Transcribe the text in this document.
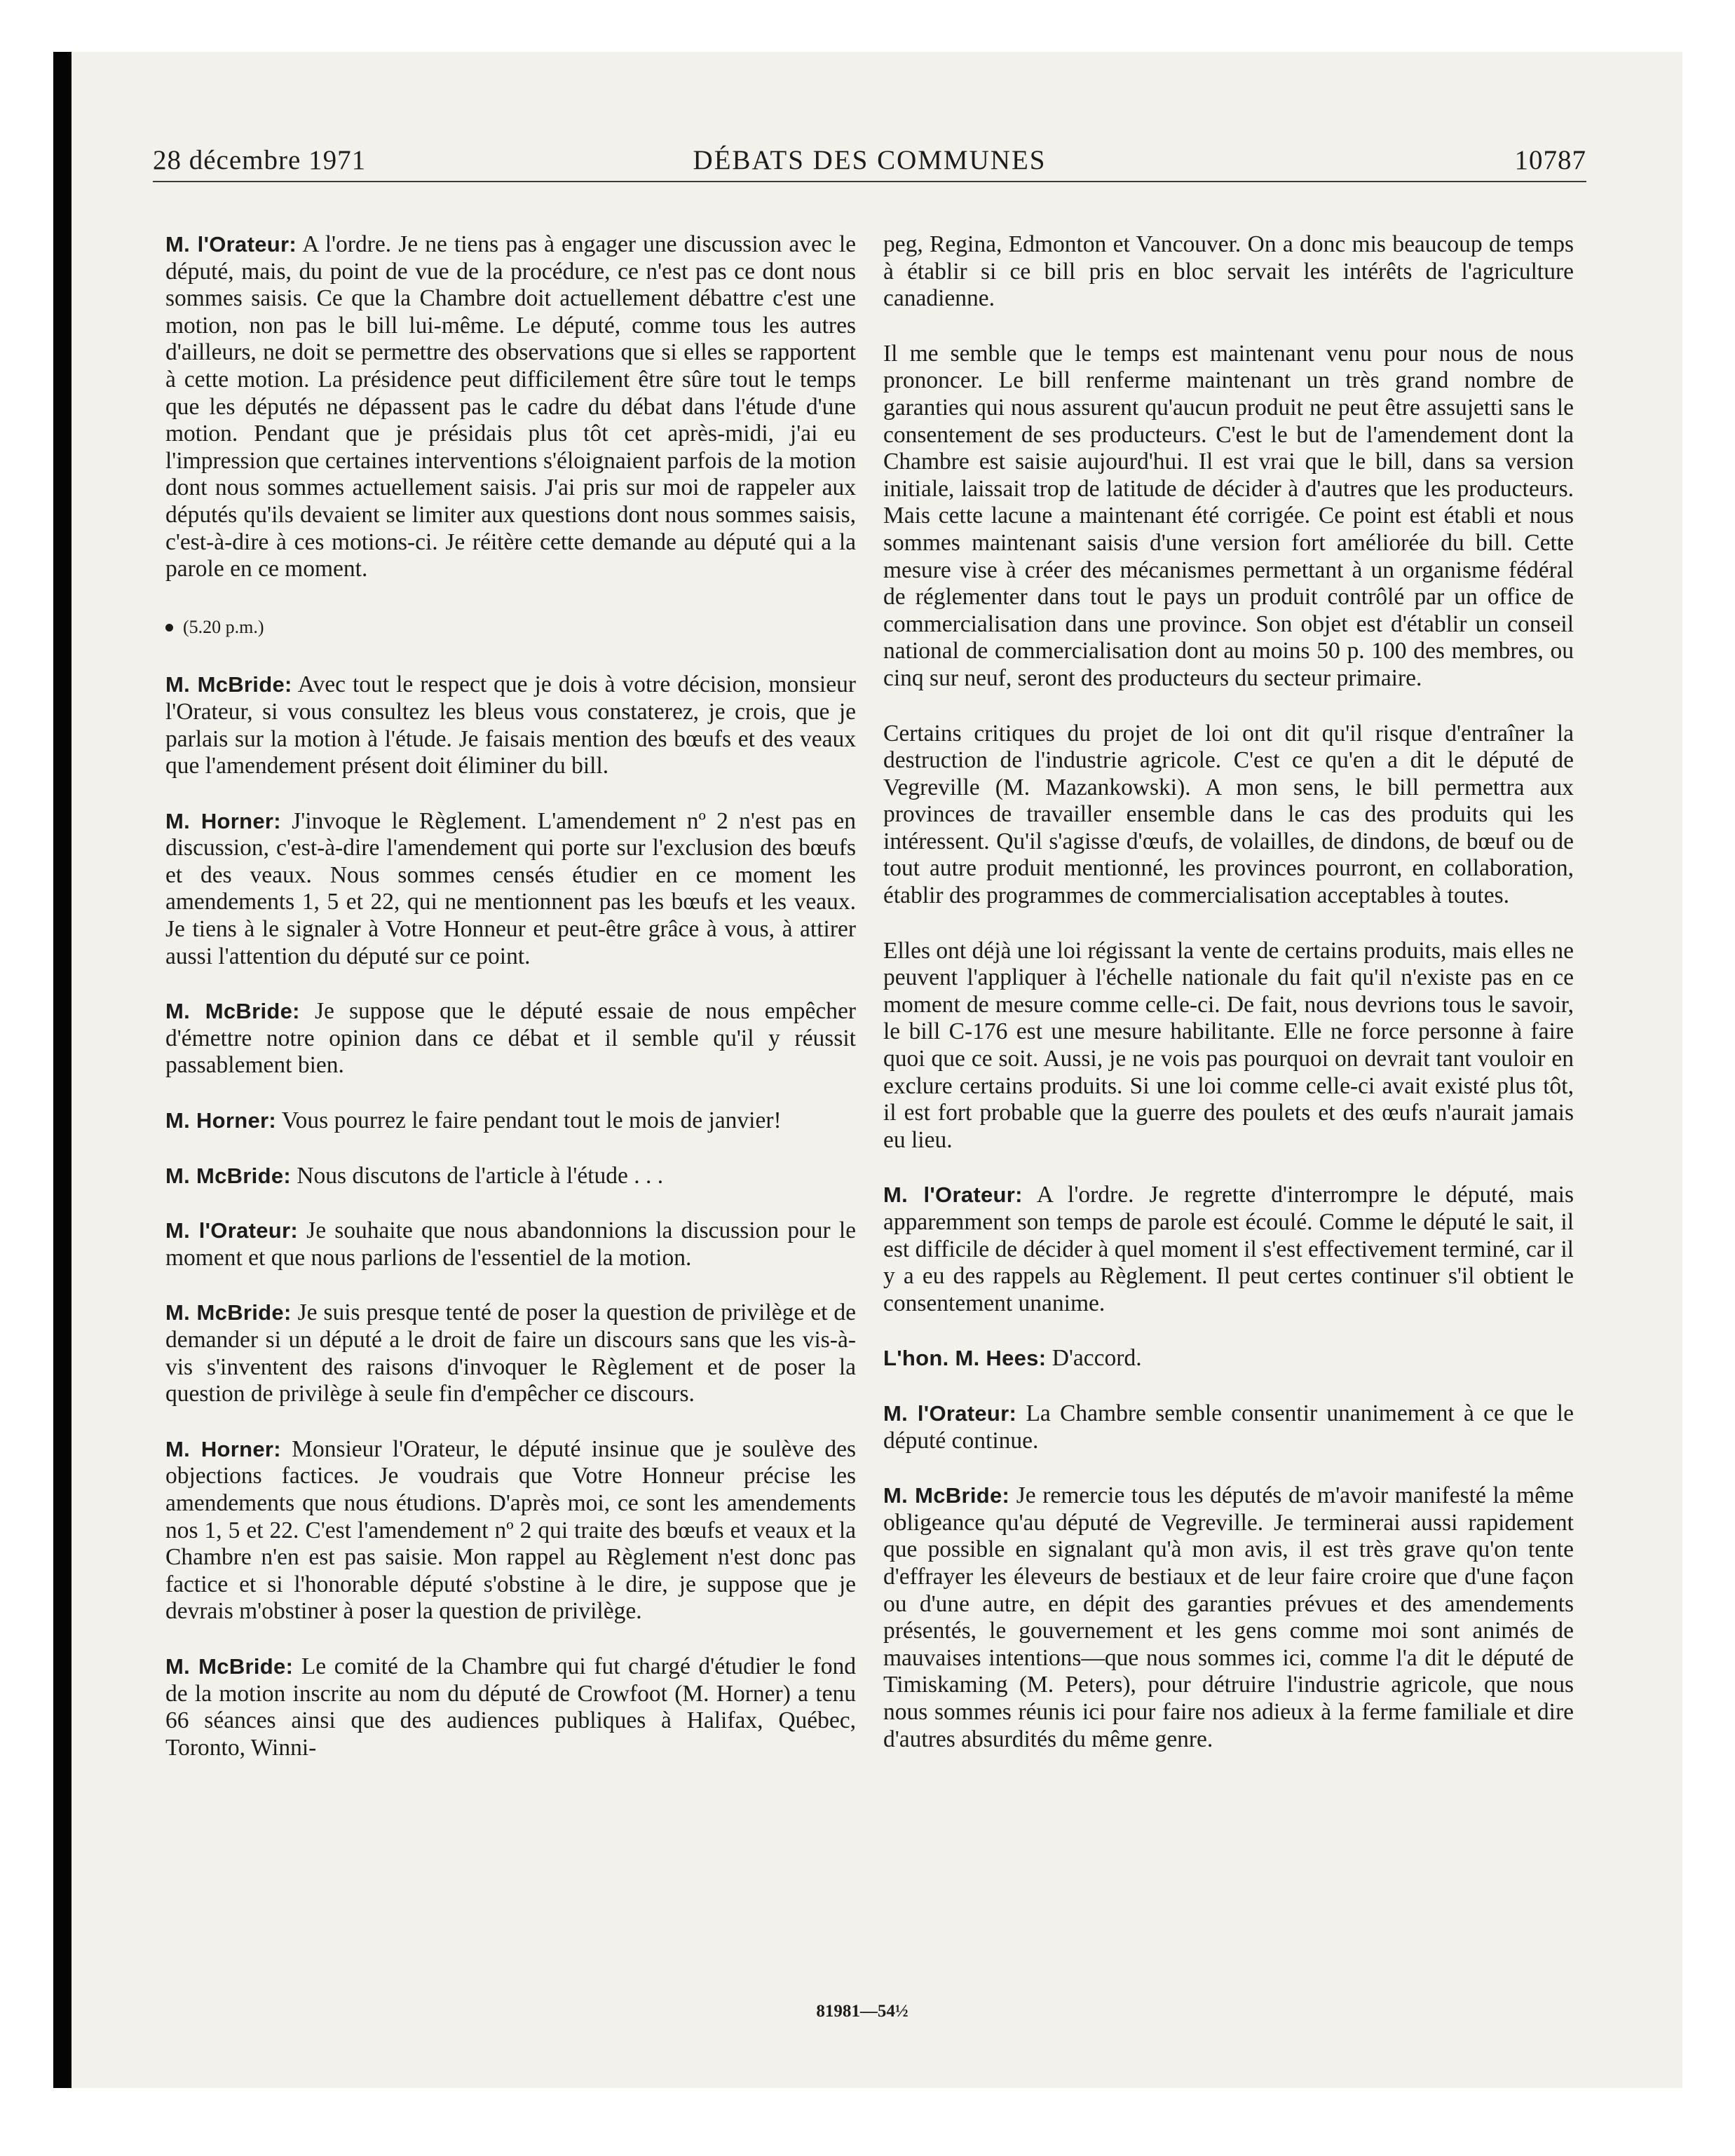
28 décembre 1971	DÉBATS DES COMMUNES	10787

M. l'Orateur: A l'ordre. Je ne tiens pas à engager une discussion avec le député, mais, du point de vue de la procédure, ce n'est pas ce dont nous sommes saisis. Ce que la Chambre doit actuellement débattre c'est une motion, non pas le bill lui-même. Le député, comme tous les autres d'ailleurs, ne doit se permettre des observations que si elles se rapportent à cette motion. La présidence peut difficilement être sûre tout le temps que les députés ne dépassent pas le cadre du débat dans l'étude d'une motion. Pendant que je présidais plus tôt cet après-midi, j'ai eu l'impression que certaines interventions s'éloignaient parfois de la motion dont nous sommes actuellement saisis. J'ai pris sur moi de rappeler aux députés qu'ils devaient se limiter aux questions dont nous sommes saisis, c'est-à-dire à ces motions-ci. Je réitère cette demande au député qui a la parole en ce moment.

(5.20 p.m.)

M. McBride: Avec tout le respect que je dois à votre décision, monsieur l'Orateur, si vous consultez les bleus vous constaterez, je crois, que je parlais sur la motion à l'étude. Je faisais mention des bœufs et des veaux que l'amendement présent doit éliminer du bill.

M. Horner: J'invoque le Règlement. L'amendement nº 2 n'est pas en discussion, c'est-à-dire l'amendement qui porte sur l'exclusion des bœufs et des veaux. Nous sommes censés étudier en ce moment les amendements 1, 5 et 22, qui ne mentionnent pas les bœufs et les veaux. Je tiens à le signaler à Votre Honneur et peut-être grâce à vous, à attirer aussi l'attention du député sur ce point.

M. McBride: Je suppose que le député essaie de nous empêcher d'émettre notre opinion dans ce débat et il semble qu'il y réussit passablement bien.

M. Horner: Vous pourrez le faire pendant tout le mois de janvier!

M. McBride: Nous discutons de l'article à l'étude . . .

M. l'Orateur: Je souhaite que nous abandonnions la discussion pour le moment et que nous parlions de l'essentiel de la motion.

M. McBride: Je suis presque tenté de poser la question de privilège et de demander si un député a le droit de faire un discours sans que les vis-à-vis s'inventent des raisons d'invoquer le Règlement et de poser la question de privilège à seule fin d'empêcher ce discours.

M. Horner: Monsieur l'Orateur, le député insinue que je soulève des objections factices. Je voudrais que Votre Honneur précise les amendements que nous étudions. D'après moi, ce sont les amendements nos 1, 5 et 22. C'est l'amendement nº 2 qui traite des bœufs et veaux et la Chambre n'en est pas saisie. Mon rappel au Règlement n'est donc pas factice et si l'honorable député s'obstine à le dire, je suppose que je devrais m'obstiner à poser la question de privilège.

M. McBride: Le comité de la Chambre qui fut chargé d'étudier le fond de la motion inscrite au nom du député de Crowfoot (M. Horner) a tenu 66 séances ainsi que des audiences publiques à Halifax, Québec, Toronto, Winni-

peg, Regina, Edmonton et Vancouver. On a donc mis beaucoup de temps à établir si ce bill pris en bloc servait les intérêts de l'agriculture canadienne.

Il me semble que le temps est maintenant venu pour nous de nous prononcer. Le bill renferme maintenant un très grand nombre de garanties qui nous assurent qu'aucun produit ne peut être assujetti sans le consentement de ses producteurs. C'est le but de l'amendement dont la Chambre est saisie aujourd'hui. Il est vrai que le bill, dans sa version initiale, laissait trop de latitude de décider à d'autres que les producteurs. Mais cette lacune a maintenant été corrigée. Ce point est établi et nous sommes maintenant saisis d'une version fort améliorée du bill. Cette mesure vise à créer des mécanismes permettant à un organisme fédéral de réglementer dans tout le pays un produit contrôlé par un office de commercialisation dans une province. Son objet est d'établir un conseil national de commercialisation dont au moins 50 p. 100 des membres, ou cinq sur neuf, seront des producteurs du secteur primaire.

Certains critiques du projet de loi ont dit qu'il risque d'entraîner la destruction de l'industrie agricole. C'est ce qu'en a dit le député de Vegreville (M. Mazankowski). A mon sens, le bill permettra aux provinces de travailler ensemble dans le cas des produits qui les intéressent. Qu'il s'agisse d'œufs, de volailles, de dindons, de bœuf ou de tout autre produit mentionné, les provinces pourront, en collaboration, établir des programmes de commercialisation acceptables à toutes.

Elles ont déjà une loi régissant la vente de certains produits, mais elles ne peuvent l'appliquer à l'échelle nationale du fait qu'il n'existe pas en ce moment de mesure comme celle-ci. De fait, nous devrions tous le savoir, le bill C-176 est une mesure habilitante. Elle ne force personne à faire quoi que ce soit. Aussi, je ne vois pas pourquoi on devrait tant vouloir en exclure certains produits. Si une loi comme celle-ci avait existé plus tôt, il est fort probable que la guerre des poulets et des œufs n'aurait jamais eu lieu.

M. l'Orateur: A l'ordre. Je regrette d'interrompre le député, mais apparemment son temps de parole est écoulé. Comme le député le sait, il est difficile de décider à quel moment il s'est effectivement terminé, car il y a eu des rappels au Règlement. Il peut certes continuer s'il obtient le consentement unanime.

L'hon. M. Hees: D'accord.

M. l'Orateur: La Chambre semble consentir unanimement à ce que le député continue.

M. McBride: Je remercie tous les députés de m'avoir manifesté la même obligeance qu'au député de Vegreville. Je terminerai aussi rapidement que possible en signalant qu'à mon avis, il est très grave qu'on tente d'effrayer les éleveurs de bestiaux et de leur faire croire que d'une façon ou d'une autre, en dépit des garanties prévues et des amendements présentés, le gouvernement et les gens comme moi sont animés de mauvaises intentions—que nous sommes ici, comme l'a dit le député de Timiskaming (M. Peters), pour détruire l'industrie agricole, que nous nous sommes réunis ici pour faire nos adieux à la ferme familiale et dire d'autres absurdités du même genre.

81981—54½
